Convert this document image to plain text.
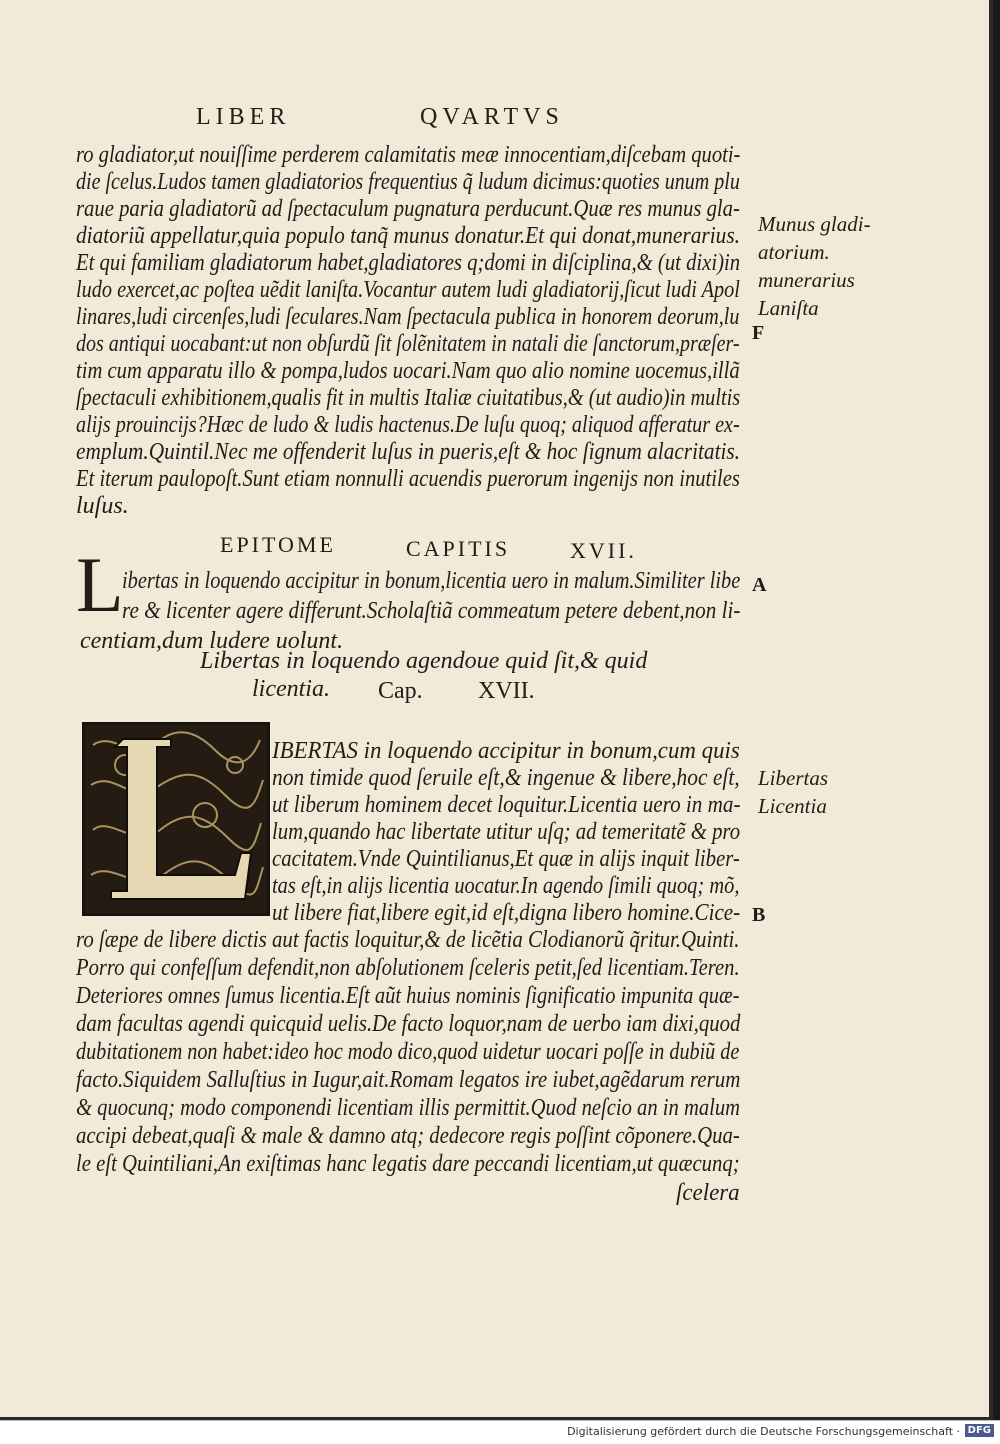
LIBER	QVARTVS
ro gladiator,ut nouiſſime perderem calamitatis meæ innocentiam,diſcebam quoti-
die ſcelus.Ludos tamen gladiatorios frequentius q̃ ludum dicimus:quoties unum plu
raue paria gladiatorũ ad ſpectaculum pugnatura perducunt.Quæ res munus gla-
diatoriũ appellatur,quia populo tanq̃ munus donatur.Et qui donat,munerarius.
Et qui familiam gladiatorum habet,gladiatores q;domi in diſciplina,& (ut dixi)in
ludo exercet,ac poſtea uẽdit laniſta.Vocantur autem ludi gladiatorij,ſicut ludi Apol
linares,ludi circenſes,ludi ſeculares.Nam ſpectacula publica in honorem deorum,lu
dos antiqui uocabant:ut non obſurdũ ſit ſolẽnitatem in natali die ſanctorum,præſer-
tim cum apparatu illo & pompa,ludos uocari.Nam quo alio nomine uocemus,illã
ſpectaculi exhibitionem,qualis fit in multis Italiæ ciuitatibus,& (ut audio)in multis
alijs prouincijs?Hæc de ludo & ludis hactenus.De luſu quoq; aliquod afferatur ex-
emplum.Quintil.Nec me offenderit luſus in pueris,eſt & hoc ſignum alacritatis.
Et iterum paulopoſt.Sunt etiam nonnulli acuendis puerorum ingenijs non inutiles
luſus.
Munus gladi-
atorium.
munerarius
Laniſta
F
EPITOME	CAPITIS	XVII.
L
ibertas in loquendo accipitur in bonum,licentia uero in malum.Similiter libe
re & licenter agere differunt.Scholaſtiã commeatum petere debent,non li-
centiam,dum ludere uolunt.
A
Libertas in loquendo agendoue quid ſit,& quid
licentia. Cap. XVII.
IBERTAS in loquendo accipitur in bonum,cum quis
non timide quod ſeruile eſt,& ingenue & libere,hoc eſt,
ut liberum hominem decet loquitur.Licentia uero in ma-
lum,quando hac libertate utitur uſq; ad temeritatẽ & pro
cacitatem.Vnde Quintilianus,Et quæ in alijs inquit liber-
tas eſt,in alijs licentia uocatur.In agendo ſimili quoq; mõ,
ut libere fiat,libere egit,id eſt,digna libero homine.Cice-
ro ſæpe de libere dictis aut factis loquitur,& de licẽtia Clodianorũ q̃ritur.Quinti.
Porro qui confeſſum defendit,non abſolutionem ſceleris petit,ſed licentiam.Teren.
Deteriores omnes ſumus licentia.Eſt aũt huius nominis ſignificatio impunita quæ-
dam facultas agendi quicquid uelis.De facto loquor,nam de uerbo iam dixi,quod
dubitationem non habet:ideo hoc modo dico,quod uidetur uocari poſſe in dubiũ de
facto.Siquidem Salluſtius in Iugur,ait.Romam legatos ire iubet,agẽdarum rerum
& quocunq; modo componendi licentiam illis permittit.Quod neſcio an in malum
accipi debeat,quaſi & male & damno atq; dedecore regis poſſint cõponere.Qua-
le eſt Quintiliani,An exiſtimas hanc legatis dare peccandi licentiam,ut quæcunq;
Libertas
Licentia
B
ſcelera
Digitalisierung gefördert durch die Deutsche Forschungsgemeinschaft · DFG
